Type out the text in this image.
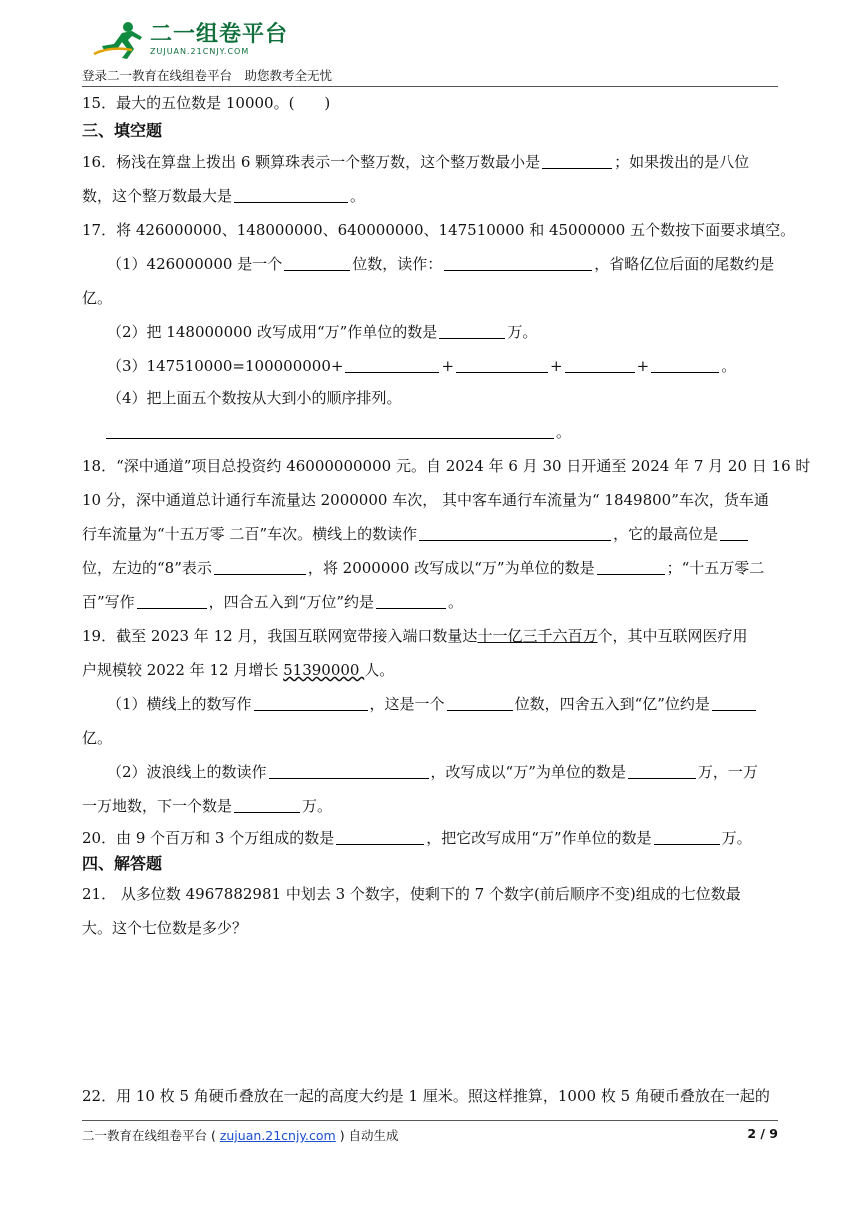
二一组卷平台
ZUJUAN.21CNJY.COM
登录二一教育在线组卷平台　助您教考全无忧
15．最大的五位数是 10000。(　　)
三、填空题
16．杨浅在算盘上拨出 6 颗算珠表示一个整万数，这个整万数最小是	；如果拨出的是八位
数，这个整万数最大是	。
17．将 426000000、148000000、640000000、147510000 和 45000000 五个数按下面要求填空。
（1）426000000 是一个	位数，读作：	，省略亿位后面的尾数约是
亿。
（2）把 148000000 改写成用“万”作单位的数是	万。
（3）147510000=100000000+	+	+	+	。
（4）把上面五个数按从大到小的顺序排列。
。
18．“深中通道”项目总投资约 46000000000 元。自 2024 年 6 月 30 日开通至 2024 年 7 月 20 日 16 时
10 分，深中通道总计通行车流量达 2000000 车次， 其中客车通行车流量为“ 1849800”车次，货车通
行车流量为“十五万零 二百”车次。横线上的数读作	，它的最高位是
位，左边的“8”表示	，将 2000000 改写成以“万”为单位的数是	；“十五万零二
百”写作	，四合五入到“万位”约是	。
19．截至 2023 年 12 月，我国互联网宽带接入端口数量达十一亿三千六百万个，其中互联网医疗用
户规模较 2022 年 12 月增长 51390000 人。
（1）横线上的数写作	，这是一个	位数，四舍五入到“亿”位约是
亿。
（2）波浪线上的数读作	，改写成以“万”为单位的数是	万，一万
一万地数，下一个数是	万。
20．由 9 个百万和 3 个万组成的数是	，把它改写成用“万”作单位的数是	万。
四、解答题
21． 从多位数 4967882981 中划去 3 个数字，使剩下的 7 个数字(前后顺序不变)组成的七位数最
大。这个七位数是多少？
22．用 10 枚 5 角硬币叠放在一起的高度大约是 1 厘米。照这样推算，1000 枚 5 角硬币叠放在一起的
二一教育在线组卷平台 ( zujuan.21cnjy.com ) 自动生成	2 / 9
